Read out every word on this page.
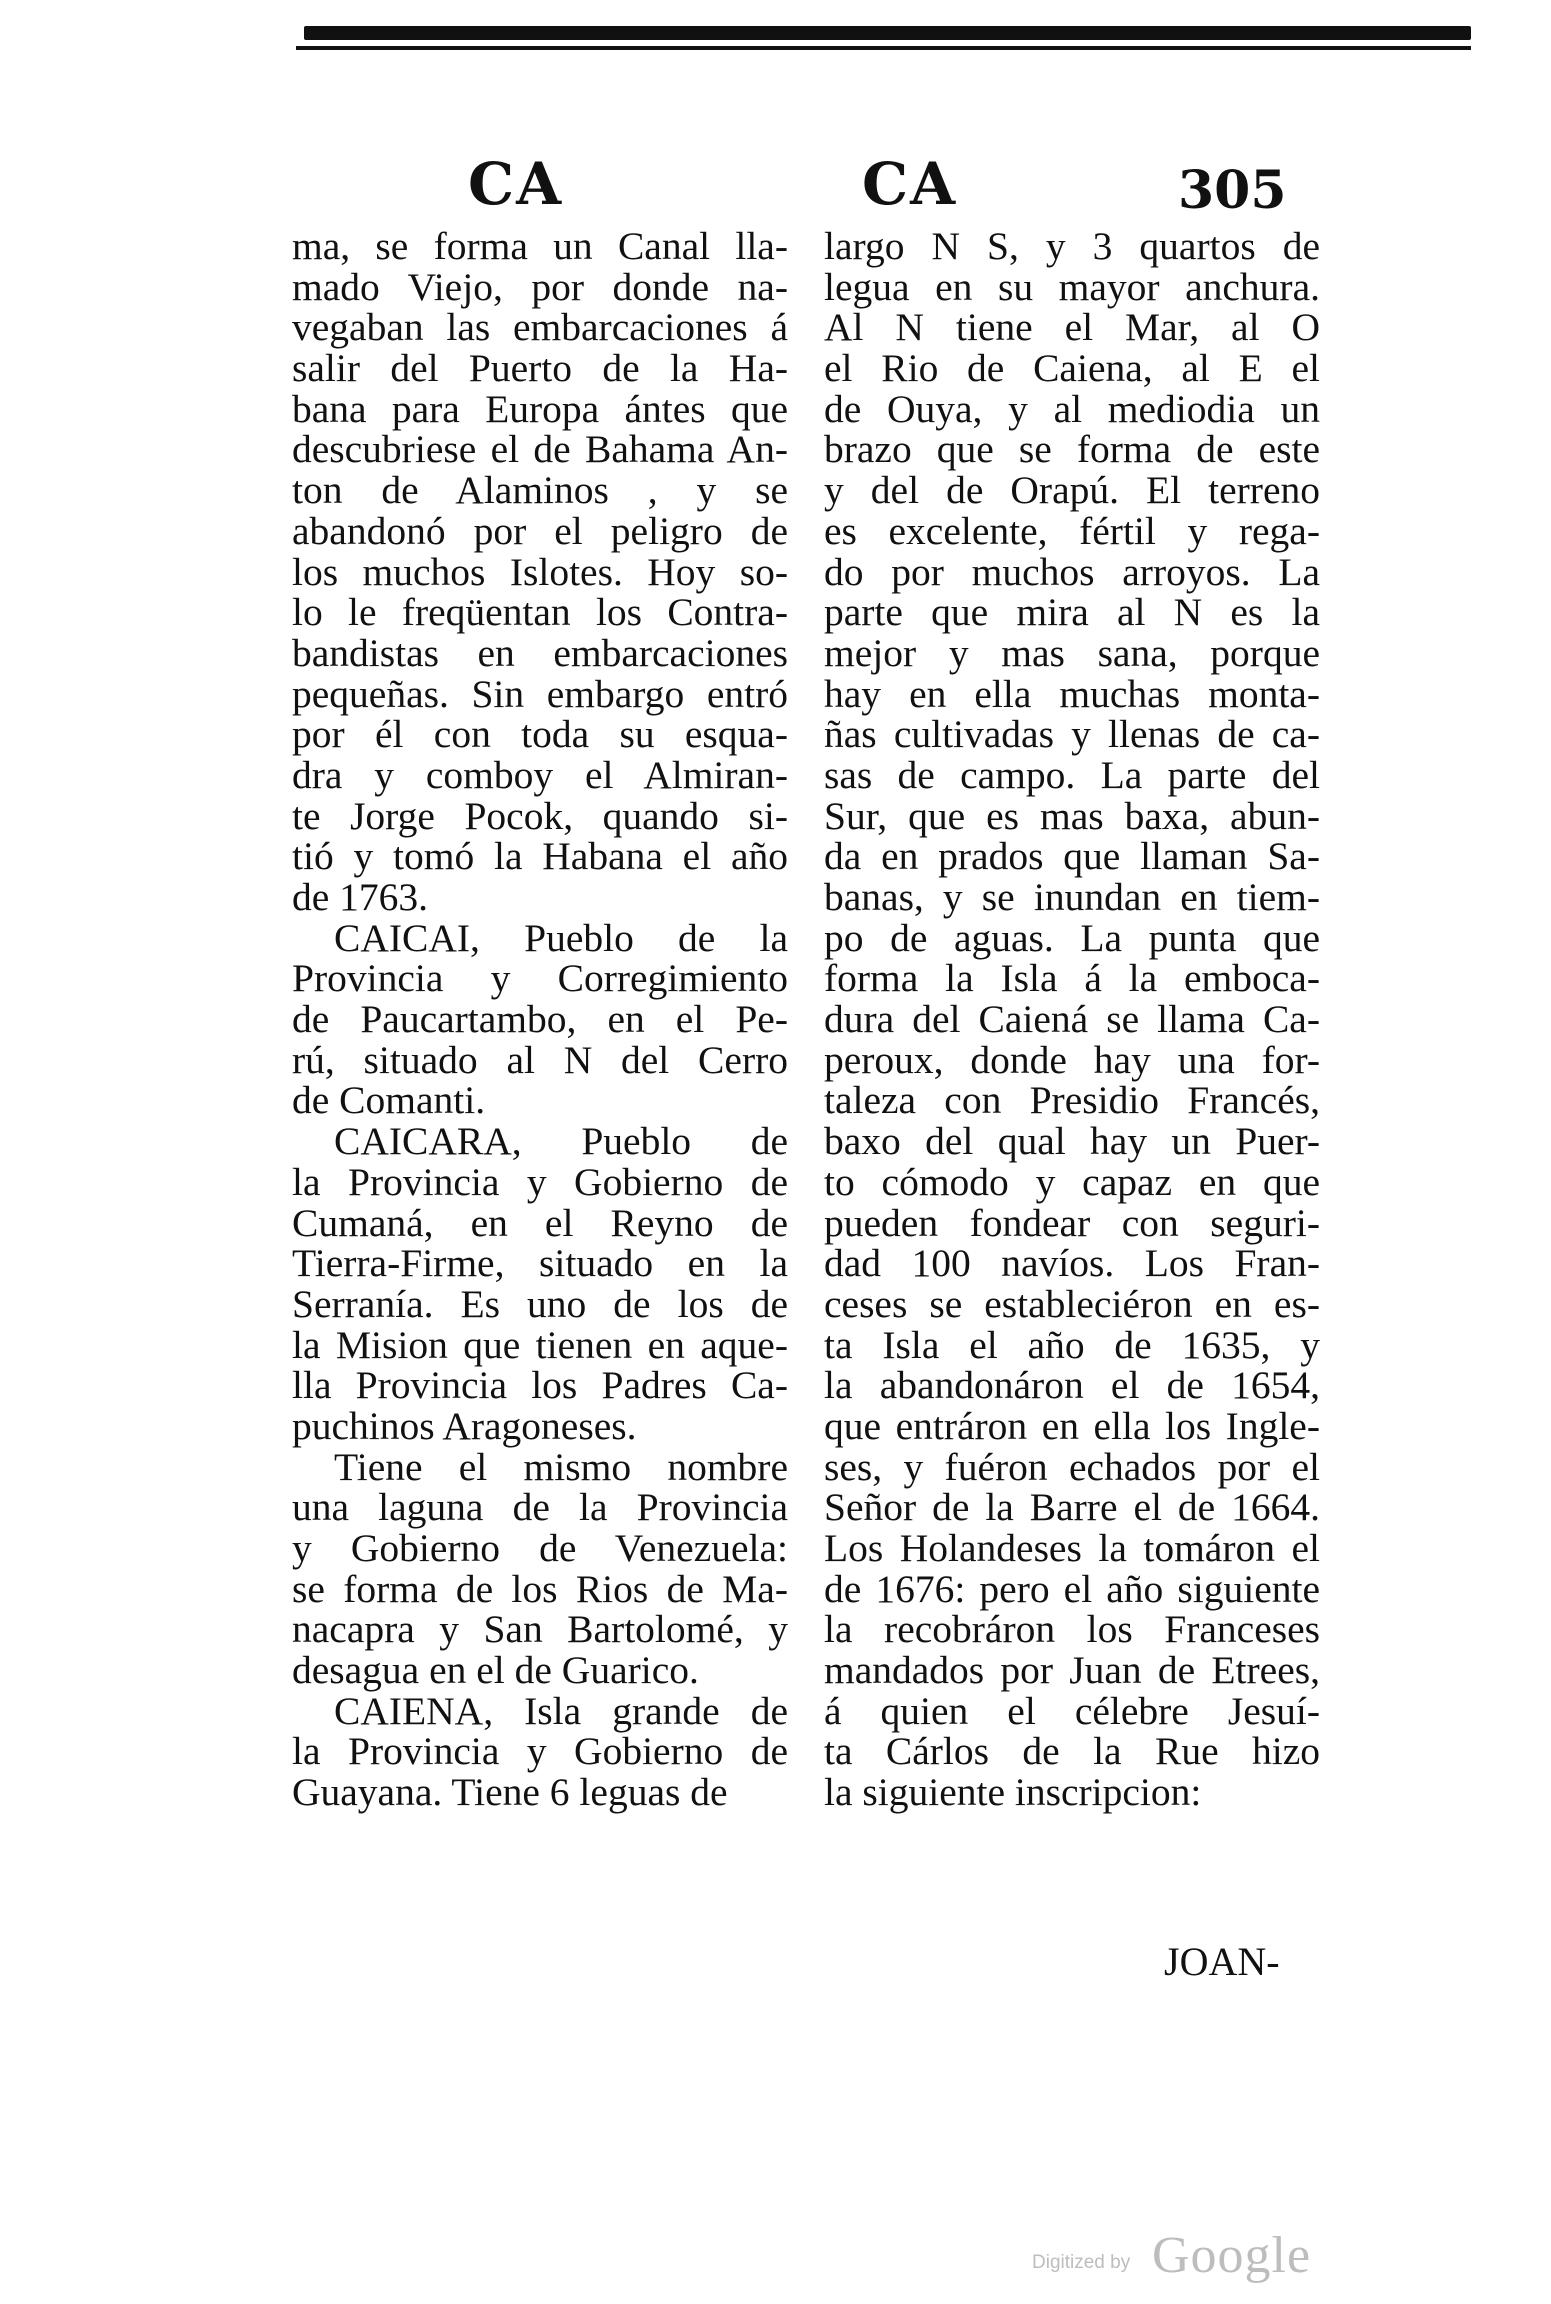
CA	CA	305
ma, se forma un Canal lla-
mado Viejo, por donde na-
vegaban las embarcaciones á
salir del Puerto de la Ha-
bana para Europa ántes que
descubriese el de Bahama An-
ton de Alaminos , y se
abandonó por el peligro de
los muchos Islotes. Hoy so-
lo le freqüentan los Contra-
bandistas en embarcaciones
pequeñas. Sin embargo entró
por él con toda su esqua-
dra y comboy el Almiran-
te Jorge Pocok, quando si-
tió y tomó la Habana el año
de 1763.
CAICAI, Pueblo de la
Provincia y Corregimiento
de Paucartambo, en el Pe-
rú, situado al N del Cerro
de Comanti.
CAICARA, Pueblo de
la Provincia y Gobierno de
Cumaná, en el Reyno de
Tierra-Firme, situado en la
Serranía. Es uno de los de
la Mision que tienen en aque-
lla Provincia los Padres Ca-
puchinos Aragoneses.
Tiene el mismo nombre
una laguna de la Provincia
y Gobierno de Venezuela:
se forma de los Rios de Ma-
nacapra y San Bartolomé, y
desagua en el de Guarico.
CAIENA, Isla grande de
la Provincia y Gobierno de
Guayana. Tiene 6 leguas de
largo N S, y 3 quartos de
legua en su mayor anchura.
Al N tiene el Mar, al O
el Rio de Caiena, al E el
de Ouya, y al mediodia un
brazo que se forma de este
y del de Orapú. El terreno
es excelente, fértil y rega-
do por muchos arroyos. La
parte que mira al N es la
mejor y mas sana, porque
hay en ella muchas monta-
ñas cultivadas y llenas de ca-
sas de campo. La parte del
Sur, que es mas baxa, abun-
da en prados que llaman Sa-
banas, y se inundan en tiem-
po de aguas. La punta que
forma la Isla á la emboca-
dura del Caiená se llama Ca-
peroux, donde hay una for-
taleza con Presidio Francés,
baxo del qual hay un Puer-
to cómodo y capaz en que
pueden fondear con seguri-
dad 100 navíos. Los Fran-
ceses se estableciéron en es-
ta Isla el año de 1635, y
la abandonáron el de 1654,
que entráron en ella los Ingle-
ses, y fuéron echados por el
Señor de la Barre el de 1664.
Los Holandeses la tomáron el
de 1676: pero el año siguiente
la recobráron los Franceses
mandados por Juan de Etrees,
á quien el célebre Jesuí-
ta Cárlos de la Rue hizo
la siguiente inscripcion:
JOAN-
Digitized by Google
